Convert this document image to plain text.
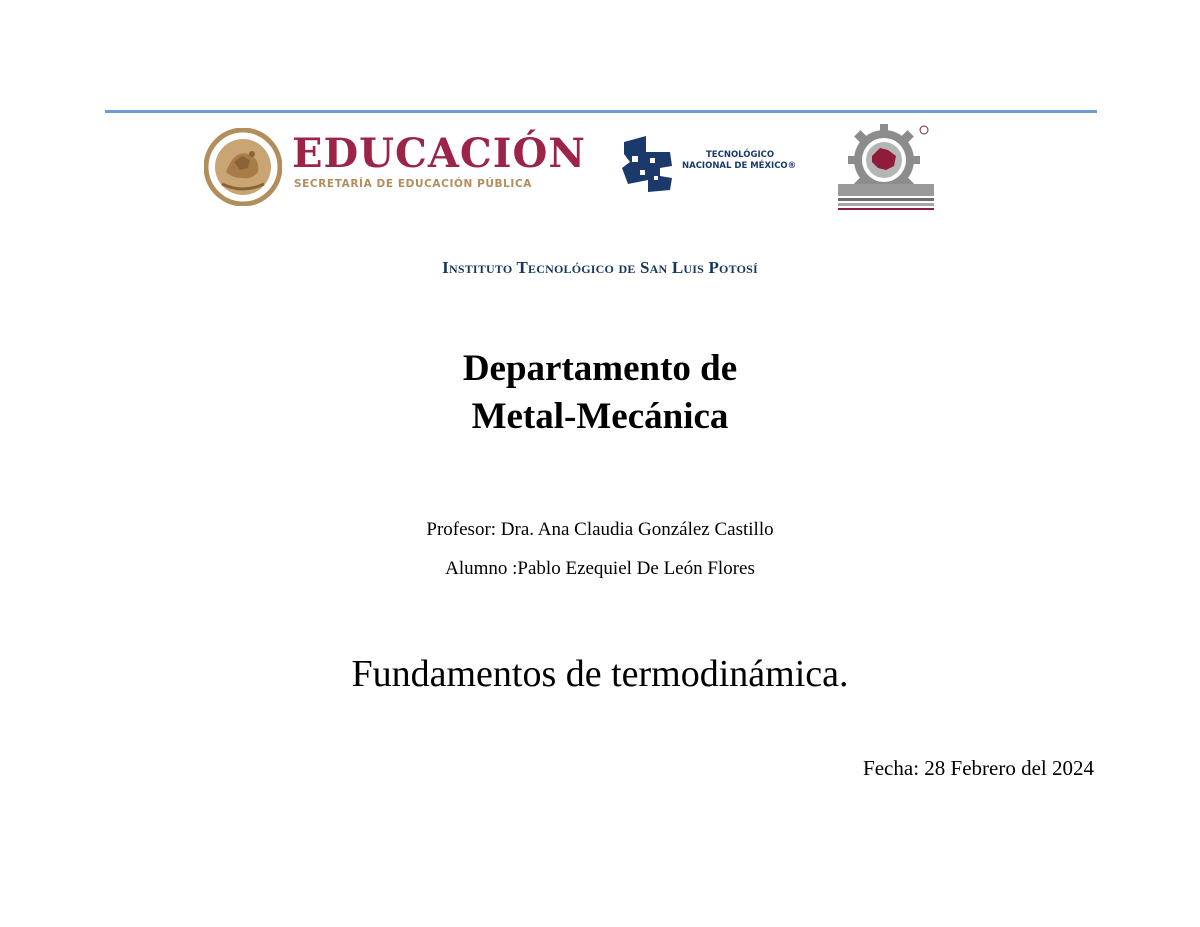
EDUCACIÓN
SECRETARÍA DE EDUCACIÓN PÚBLICA
TECNOLÓGICO
NACIONAL DE MÉXICO®
Instituto Tecnológico de San Luis Potosí
Departamento de
Metal-Mecánica
Profesor: Dra. Ana Claudia González Castillo
Alumno :Pablo Ezequiel De León Flores
Fundamentos de termodinámica.
Fecha: 28 Febrero del 2024
